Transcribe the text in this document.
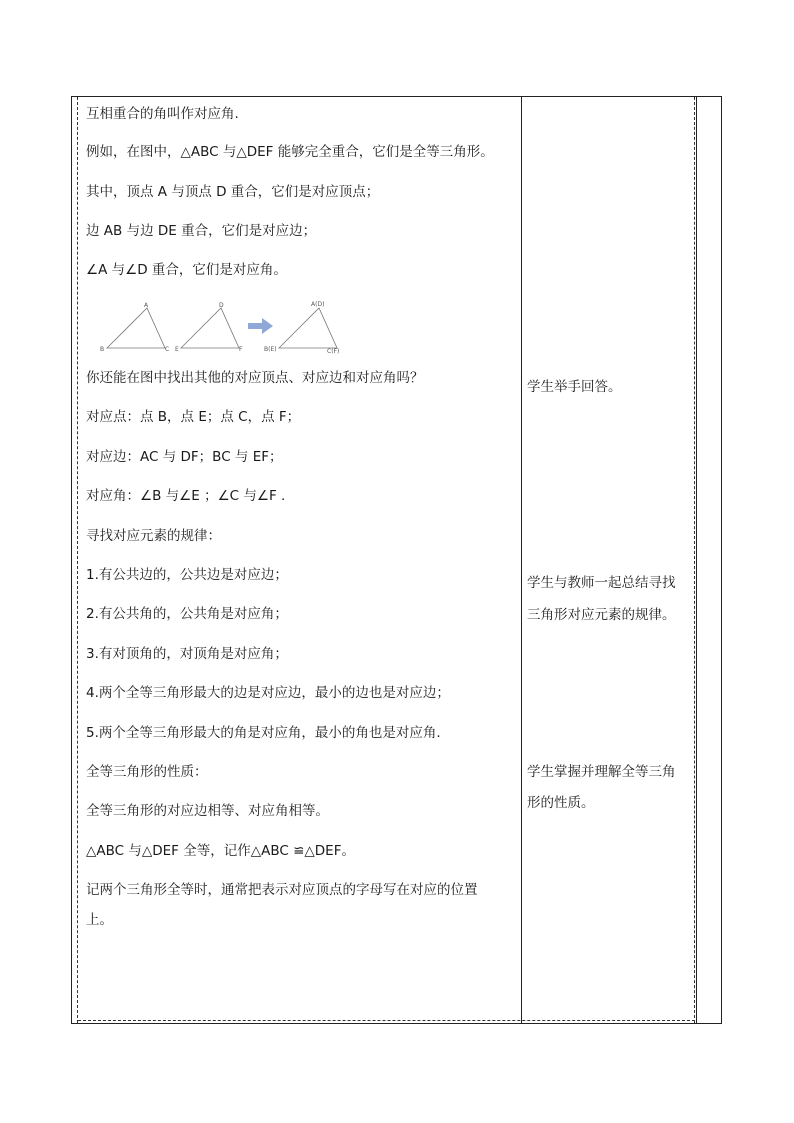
互相重合的角叫作对应角.
例如，在图中，△ABC 与△DEF 能够完全重合，它们是全等三角形。
其中，顶点 A 与顶点 D 重合，它们是对应顶点；
边 AB 与边 DE 重合，它们是对应边；
∠A 与∠D 重合，它们是对应角。
你还能在图中找出其他的对应顶点、对应边和对应角吗？
对应点：点 B，点 E；点 C，点 F；
对应边：AC 与 DF；BC 与 EF；
对应角：∠B 与∠E ；∠C 与∠F .
寻找对应元素的规律：
1.有公共边的，公共边是对应边；
2.有公共角的，公共角是对应角；
3.有对顶角的，对顶角是对应角；
4.两个全等三角形最大的边是对应边，最小的边也是对应边；
5.两个全等三角形最大的角是对应角，最小的角也是对应角.
全等三角形的性质：
全等三角形的对应边相等、对应角相等。
△ABC 与△DEF 全等，记作△ABC ≌△DEF。
记两个三角形全等时，通常把表示对应顶点的字母写在对应的位置
上。
A
B	C
D
E	F
A(D)
B(E)	C(F)
学生举手回答。
学生与教师一起总结寻找
三角形对应元素的规律。
学生掌握并理解全等三角
形的性质。
